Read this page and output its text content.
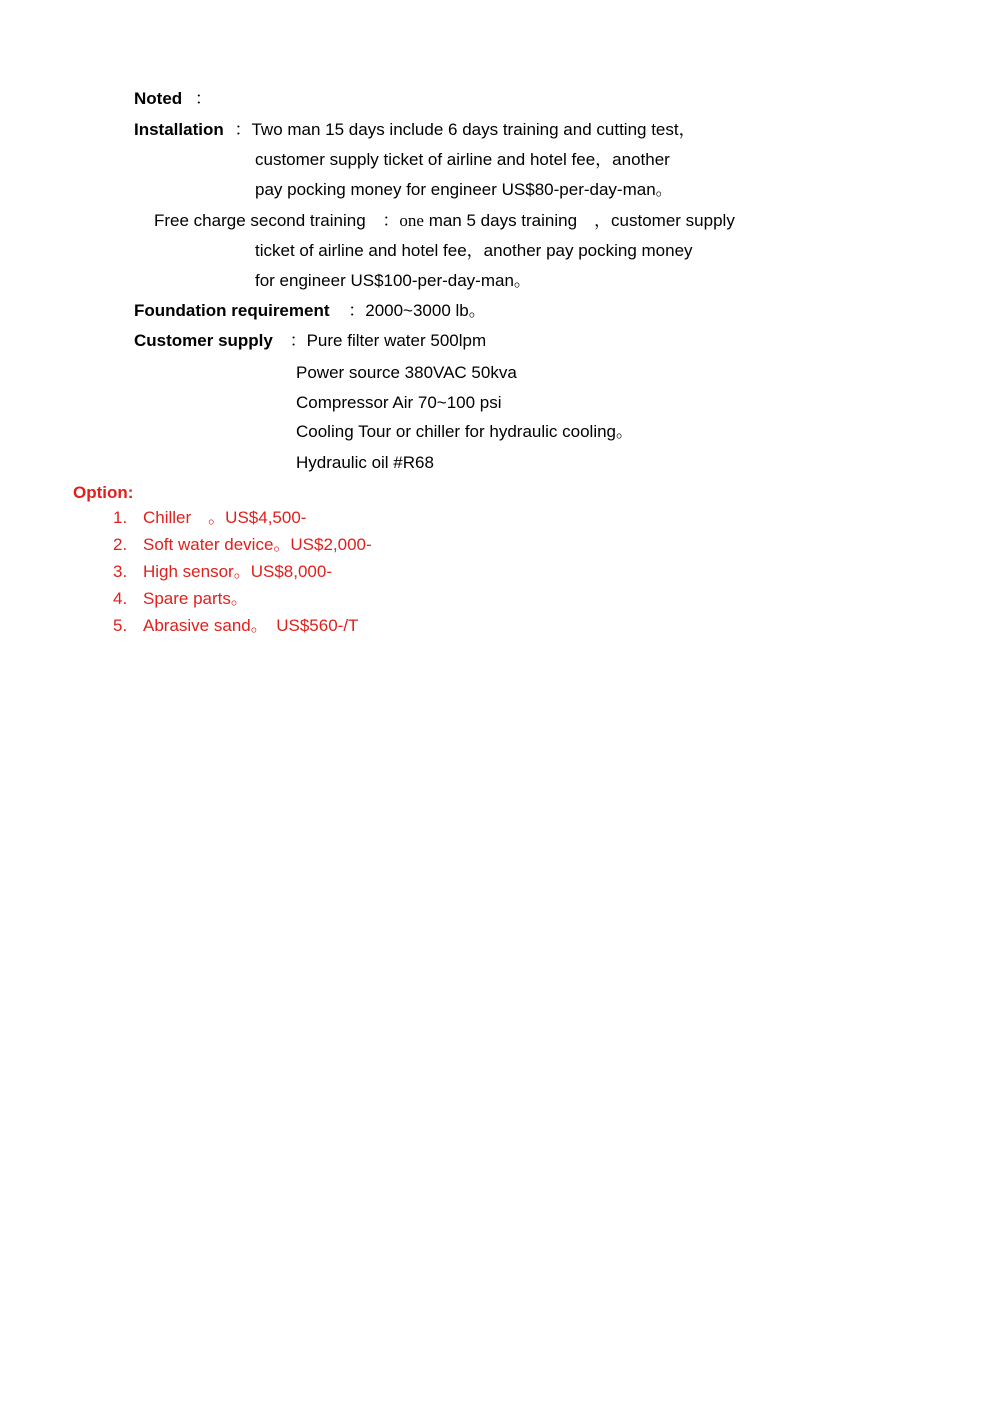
Noted ：
Installation ：Two man 15 days include 6 days training and cutting test，
customer supply ticket of airline and hotel fee，another
pay pocking money for engineer US$80-per-day-man。
Free charge second training ：one man 5 days training　，customer supply
ticket of airline and hotel fee，another pay pocking money
for engineer US$100-per-day-man。
Foundation requirement ：2000~3000 lb。
Customer supply ：Pure filter water 500lpm
Power source 380VAC 50kva
Compressor Air 70~100 psi
Cooling Tour or chiller for hydraulic cooling。
Hydraulic oil #R68
Option:
1. Chiller　。US$4,500-
2. Soft water device。US$2,000-
3. High sensor。US$8,000-
4. Spare parts。
5. Abrasive sand。　US$560-/T
